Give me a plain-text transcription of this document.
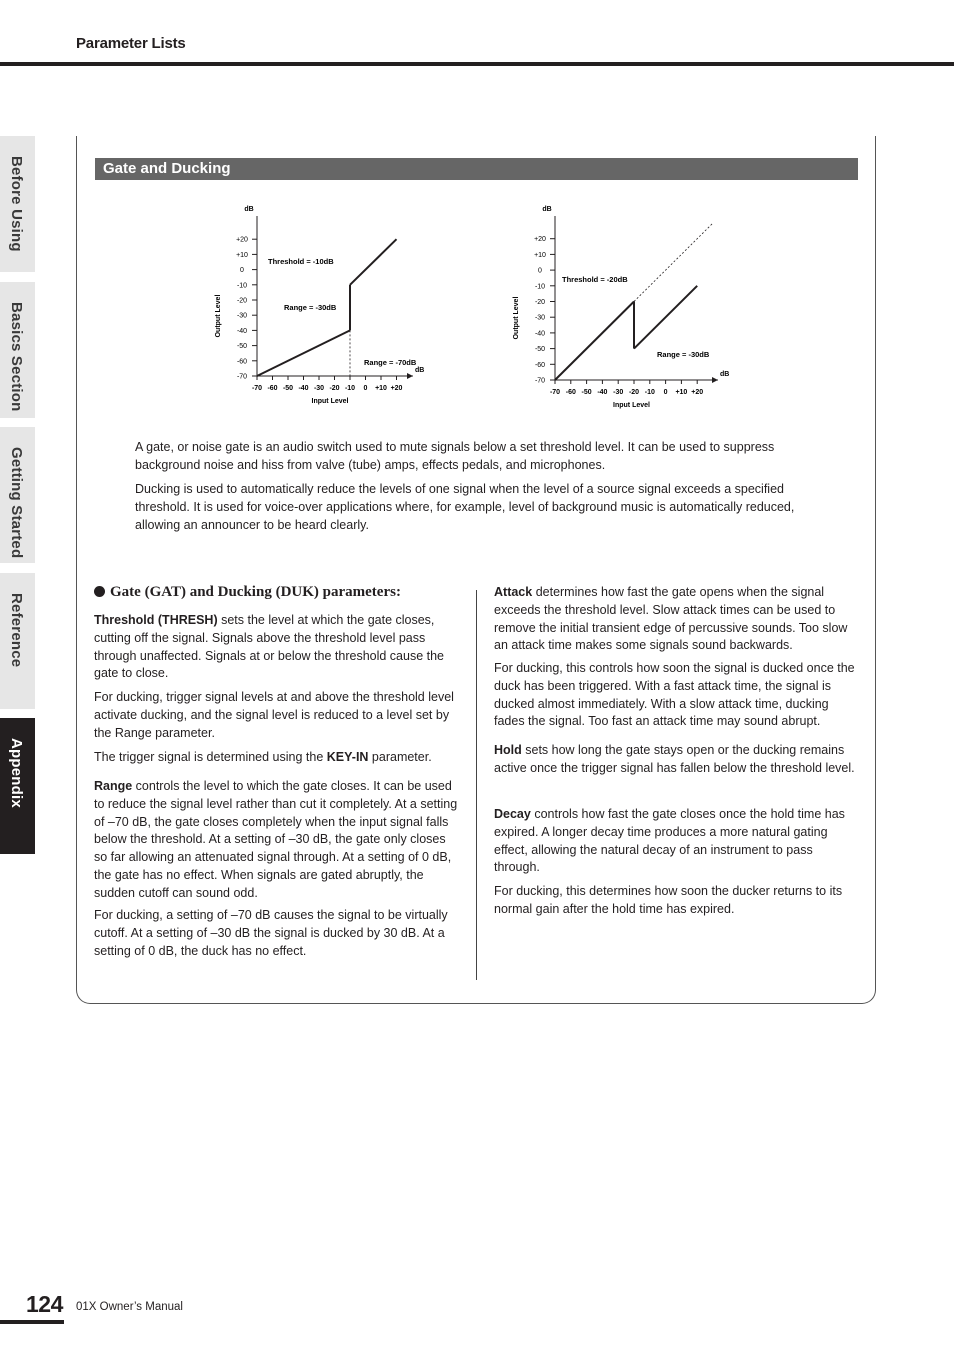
Parameter Lists
Before Using
Basics Section
Getting Started
Reference
Appendix
Gate and Ducking
dB
dB
+20
+10
0
-10
-20
-30
-40
-50
-60
-70
-70 -60 -50 -40 -30 -20 -10 0 +10 +20
Output Level
Input Level
Threshold = -10dB
Range = -30dB
Range = -70dB
dB
dB
+20
+10
0
-10
-20
-30
-40
-50
-60
-70
-70 -60 -50 -40 -30 -20 -10 0 +10 +20
Output Level
Input Level
Threshold = -20dB
Range = -30dB
A gate, or noise gate is an audio switch used to mute signals below a set threshold level. It can be used to suppress background noise and hiss from valve (tube) amps, effects pedals, and microphones.
Ducking is used to automatically reduce the levels of one signal when the level of a source signal exceeds a specified threshold. It is used for voice-over applications where, for example, level of background music is automatically reduced, allowing an announcer to be heard clearly.
Gate (GAT) and Ducking (DUK) parameters:
Threshold (THRESH) sets the level at which the gate closes, cutting off the signal. Signals above the threshold level pass through unaffected. Signals at or below the threshold cause the gate to close.
For ducking, trigger signal levels at and above the threshold level activate ducking, and the signal level is reduced to a level set by the Range parameter.
The trigger signal is determined using the KEY-IN parameter.
Range controls the level to which the gate closes. It can be used to reduce the signal level rather than cut it completely. At a setting of –70 dB, the gate closes completely when the input signal falls below the threshold. At a setting of –30 dB, the gate only closes so far allowing an attenuated signal through. At a setting of 0 dB, the gate has no effect. When signals are gated abruptly, the sudden cutoff can sound odd.
For ducking, a setting of –70 dB causes the signal to be virtually cutoff. At a setting of –30 dB the signal is ducked by 30 dB. At a setting of 0 dB, the duck has no effect.
Attack determines how fast the gate opens when the signal exceeds the threshold level. Slow attack times can be used to remove the initial transient edge of percussive sounds. Too slow an attack time makes some signals sound backwards.
For ducking, this controls how soon the signal is ducked once the duck has been triggered. With a fast attack time, the signal is ducked almost immediately. With a slow attack time, ducking fades the signal. Too fast an attack time may sound abrupt.
Hold sets how long the gate stays open or the ducking remains active once the trigger signal has fallen below the threshold level.
Decay controls how fast the gate closes once the hold time has expired. A longer decay time produces a more natural gating effect, allowing the natural decay of an instrument to pass through.
For ducking, this determines how soon the ducker returns to its normal gain after the hold time has expired.
124 01X Owner’s Manual
